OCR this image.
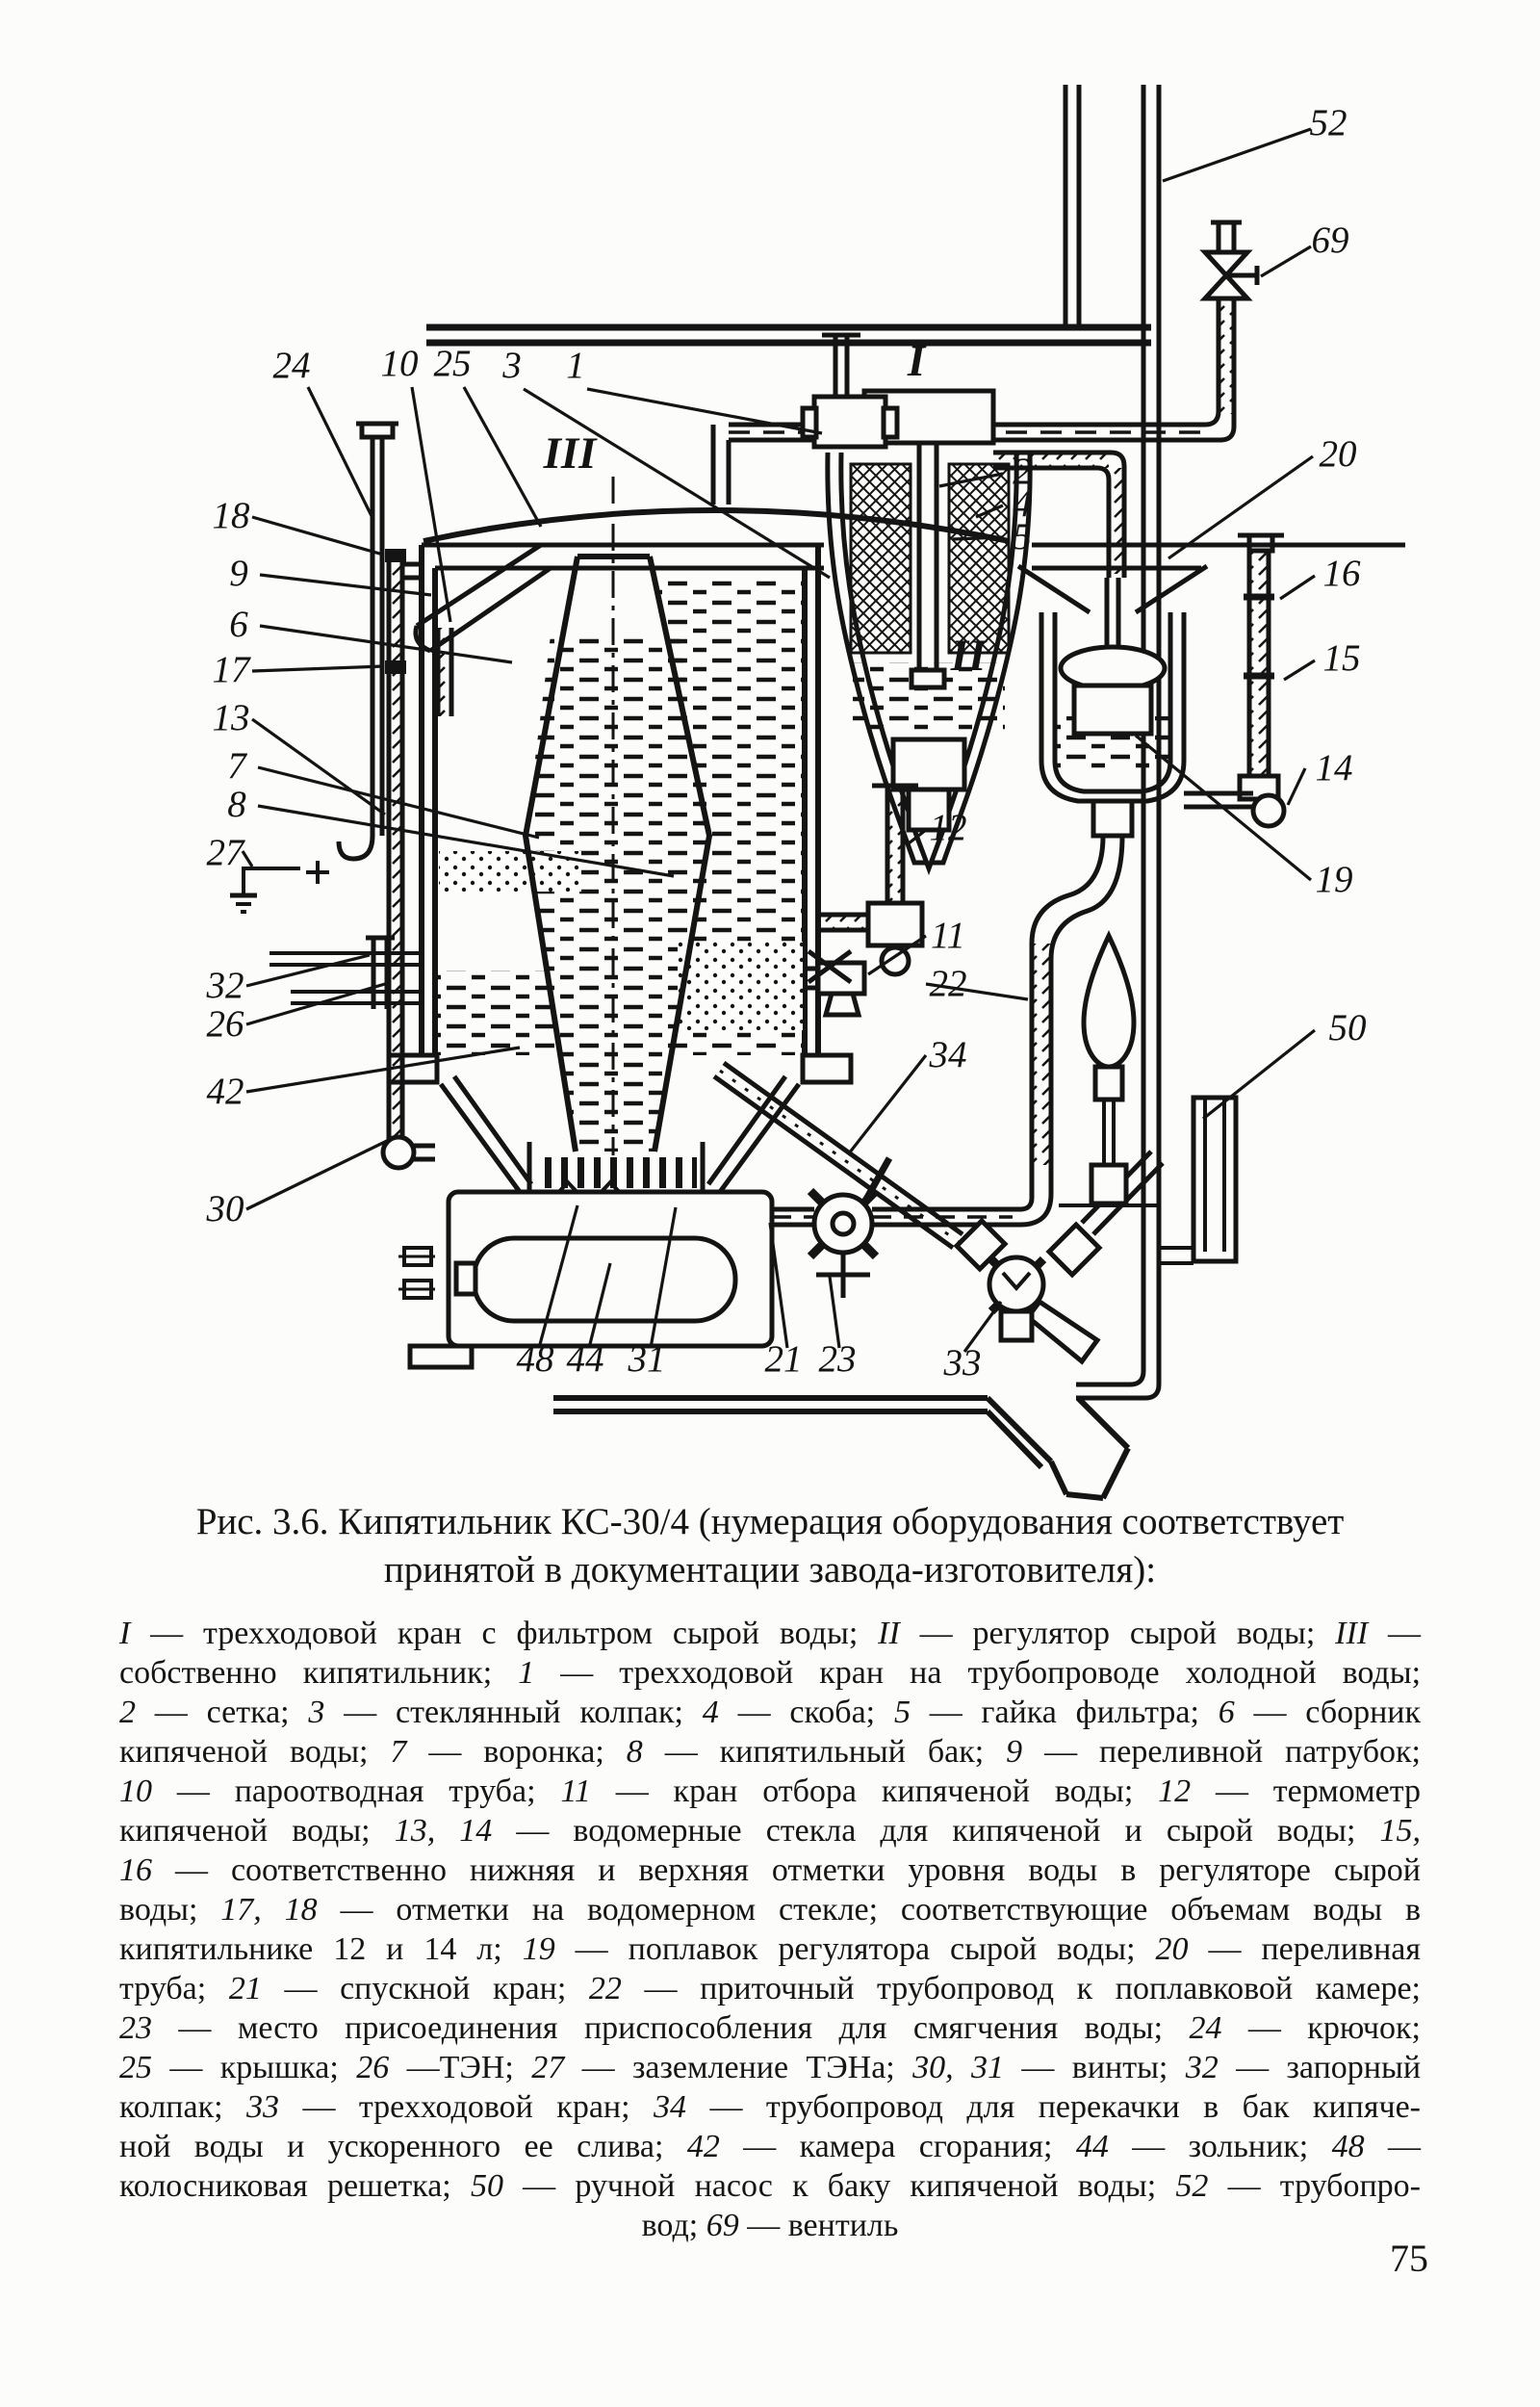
52
69
24 10 25 3 1	I
III	20
2
4
5
16
15
II
14
19
18
9
6
17
13
7
8
27
32
26
42
30
12
11
22
34
50
48 44 31	21 23 33
Рис. 3.6. Кипятильник КС-30/4 (нумерация оборудования соответствует
принятой в документации завода-изготовителя):
I — трехходовой кран с фильтром сырой воды; II — регулятор сырой воды; III —
собственно кипятильник; 1 — трехходовой кран на трубопроводе холодной воды;
2 — сетка; 3 — стеклянный колпак; 4 — скоба; 5 — гайка фильтра; 6 — сборник
кипяченой воды; 7 — воронка; 8 — кипятильный бак; 9 — переливной патрубок;
10 — пароотводная труба; 11 — кран отбора кипяченой воды; 12 — термометр
кипяченой воды; 13, 14 — водомерные стекла для кипяченой и сырой воды; 15,
16 — соответственно нижняя и верхняя отметки уровня воды в регуляторе сырой
воды; 17, 18 — отметки на водомерном стекле; соответствующие объемам воды в
кипятильнике 12 и 14 л; 19 — поплавок регулятора сырой воды; 20 — переливная
труба; 21 — спускной кран; 22 — приточный трубопровод к поплавковой камере;
23 — место присоединения приспособления для смягчения воды; 24 — крючок;
25 — крышка; 26 —ТЭН; 27 — заземление ТЭНа; 30, 31 — винты; 32 — запорный
колпак; 33 — трехходовой кран; 34 — трубопровод для перекачки в бак кипяче-
ной воды и ускоренного ее слива; 42 — камера сгорания; 44 — зольник; 48 —
колосниковая решетка; 50 — ручной насос к баку кипяченой воды; 52 — трубопро-
вод; 69 — вентиль
75
